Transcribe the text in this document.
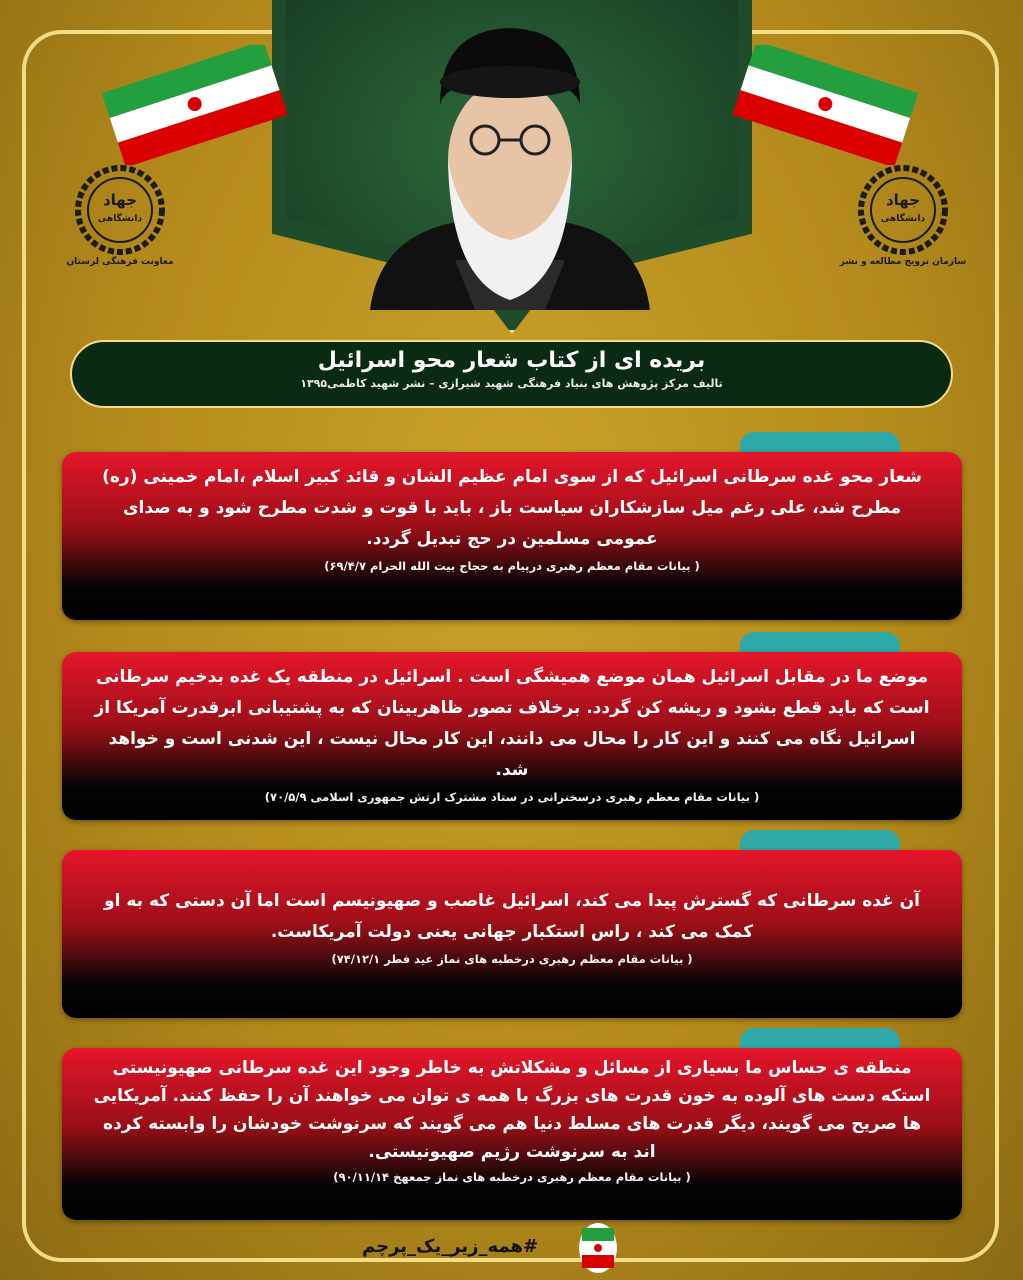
جهاد
دانشگاهی
معاونت فرهنگی لرستان
جهاد
دانشگاهی
سازمان ترویج مطالعه و نشر
بریده ای از کتاب شعار محو اسرائیل
تالیف مرکز پژوهش های بنیاد فرهنگی شهید شیرازی – نشر شهید کاظمی۱۳۹۵
شعار محو غده سرطانی اسرائیل که از سوی امام عظیم الشان و قائد کبیر اسلام ،امام خمینی (ره) مطرح شد، علی رغم میل سازشکاران سیاست باز ، باید با قوت و شدت مطرح شود و به صدای عمومی مسلمین در حج تبدیل گردد.
( بیانات مقام معظم رهبری درپیام به حجاج بیت الله الحرام ۶۹/۴/۷)
موضع ما در مقابل اسرائیل همان موضع همیشگی است . اسرائیل در منطقه یک غده بدخیم سرطانی است که باید قطع بشود و ریشه کن گردد. برخلاف تصور ظاهربینان که به پشتیبانی ابرقدرت آمریکا از اسرائیل نگاه می کنند و این کار را محال می دانند، این کار محال نیست ، این شدنی است و خواهد شد.
( بیانات مقام معظم رهبری درسخنرانی در ستاد مشترک ارتش جمهوری اسلامی ۷۰/۵/۹)
آن غده سرطانی که گسترش پیدا می کند، اسرائیل غاصب و صهیونیسم است اما آن دستی که به او کمک می کند ، راس استکبار جهانی یعنی دولت آمریکاست.
( بیانات مقام معظم رهبری درخطبه های نماز عید فطر ۷۴/۱۲/۱)
منطقه ی حساس ما بسیاری از مسائل و مشکلاتش به خاطر وجود این غده سرطانی صهیونیستی استکه دست های آلوده به خون قدرت های بزرگ با همه ی توان می خواهند آن را حفظ کنند. آمریکایی ها صریح می گویند، دیگر قدرت های مسلط دنیا هم می گویند که سرنوشت خودشان را وابسته کرده اند به سرنوشت رژیم صهیونیستی.
( بیانات مقام معظم رهبری درخطبه های نماز جمعهخ ۹۰/۱۱/۱۴)
#همه_زیر_یک_پرچم
